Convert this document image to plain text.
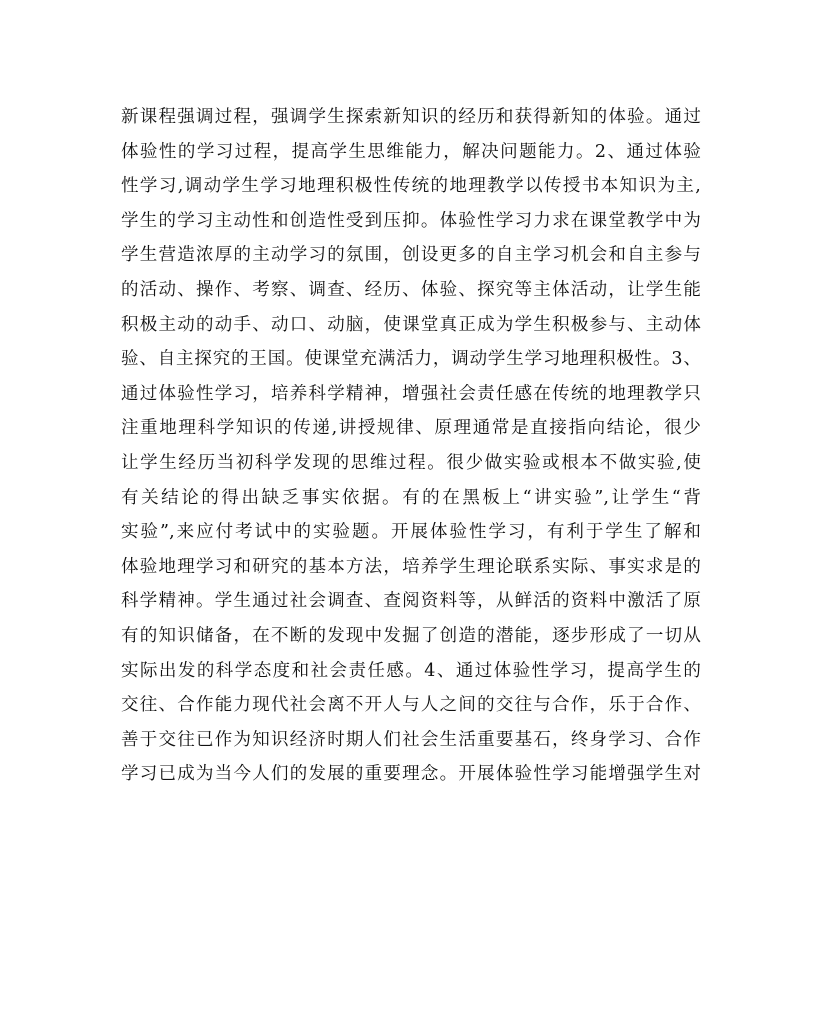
新课程强调过程，强调学生探索新知识的经历和获得新知的体验。通过
体验性的学习过程，提高学生思维能力，解决问题能力。2、通过体验
性学习,调动学生学习地理积极性传统的地理教学以传授书本知识为主,
学生的学习主动性和创造性受到压抑。体验性学习力求在课堂教学中为
学生营造浓厚的主动学习的氛围，创设更多的自主学习机会和自主参与
的活动、操作、考察、调查、经历、体验、探究等主体活动，让学生能
积极主动的动手、动口、动脑，使课堂真正成为学生积极参与、主动体
验、自主探究的王国。使课堂充满活力，调动学生学习地理积极性。3、
通过体验性学习，培养科学精神，增强社会责任感在传统的地理教学只
注重地理科学知识的传递,讲授规律、原理通常是直接指向结论，很少
让学生经历当初科学发现的思维过程。很少做实验或根本不做实验,使
有关结论的得出缺乏事实依据。有的在黑板上“讲实验”,让学生“背
实验”,来应付考试中的实验题。开展体验性学习，有利于学生了解和
体验地理学习和研究的基本方法，培养学生理论联系实际、事实求是的
科学精神。学生通过社会调查、查阅资料等，从鲜活的资料中激活了原
有的知识储备，在不断的发现中发掘了创造的潜能，逐步形成了一切从
实际出发的科学态度和社会责任感。4、通过体验性学习，提高学生的
交往、合作能力现代社会离不开人与人之间的交往与合作，乐于合作、
善于交往已作为知识经济时期人们社会生活重要基石，终身学习、合作
学习已成为当今人们的发展的重要理念。开展体验性学习能增强学生对
